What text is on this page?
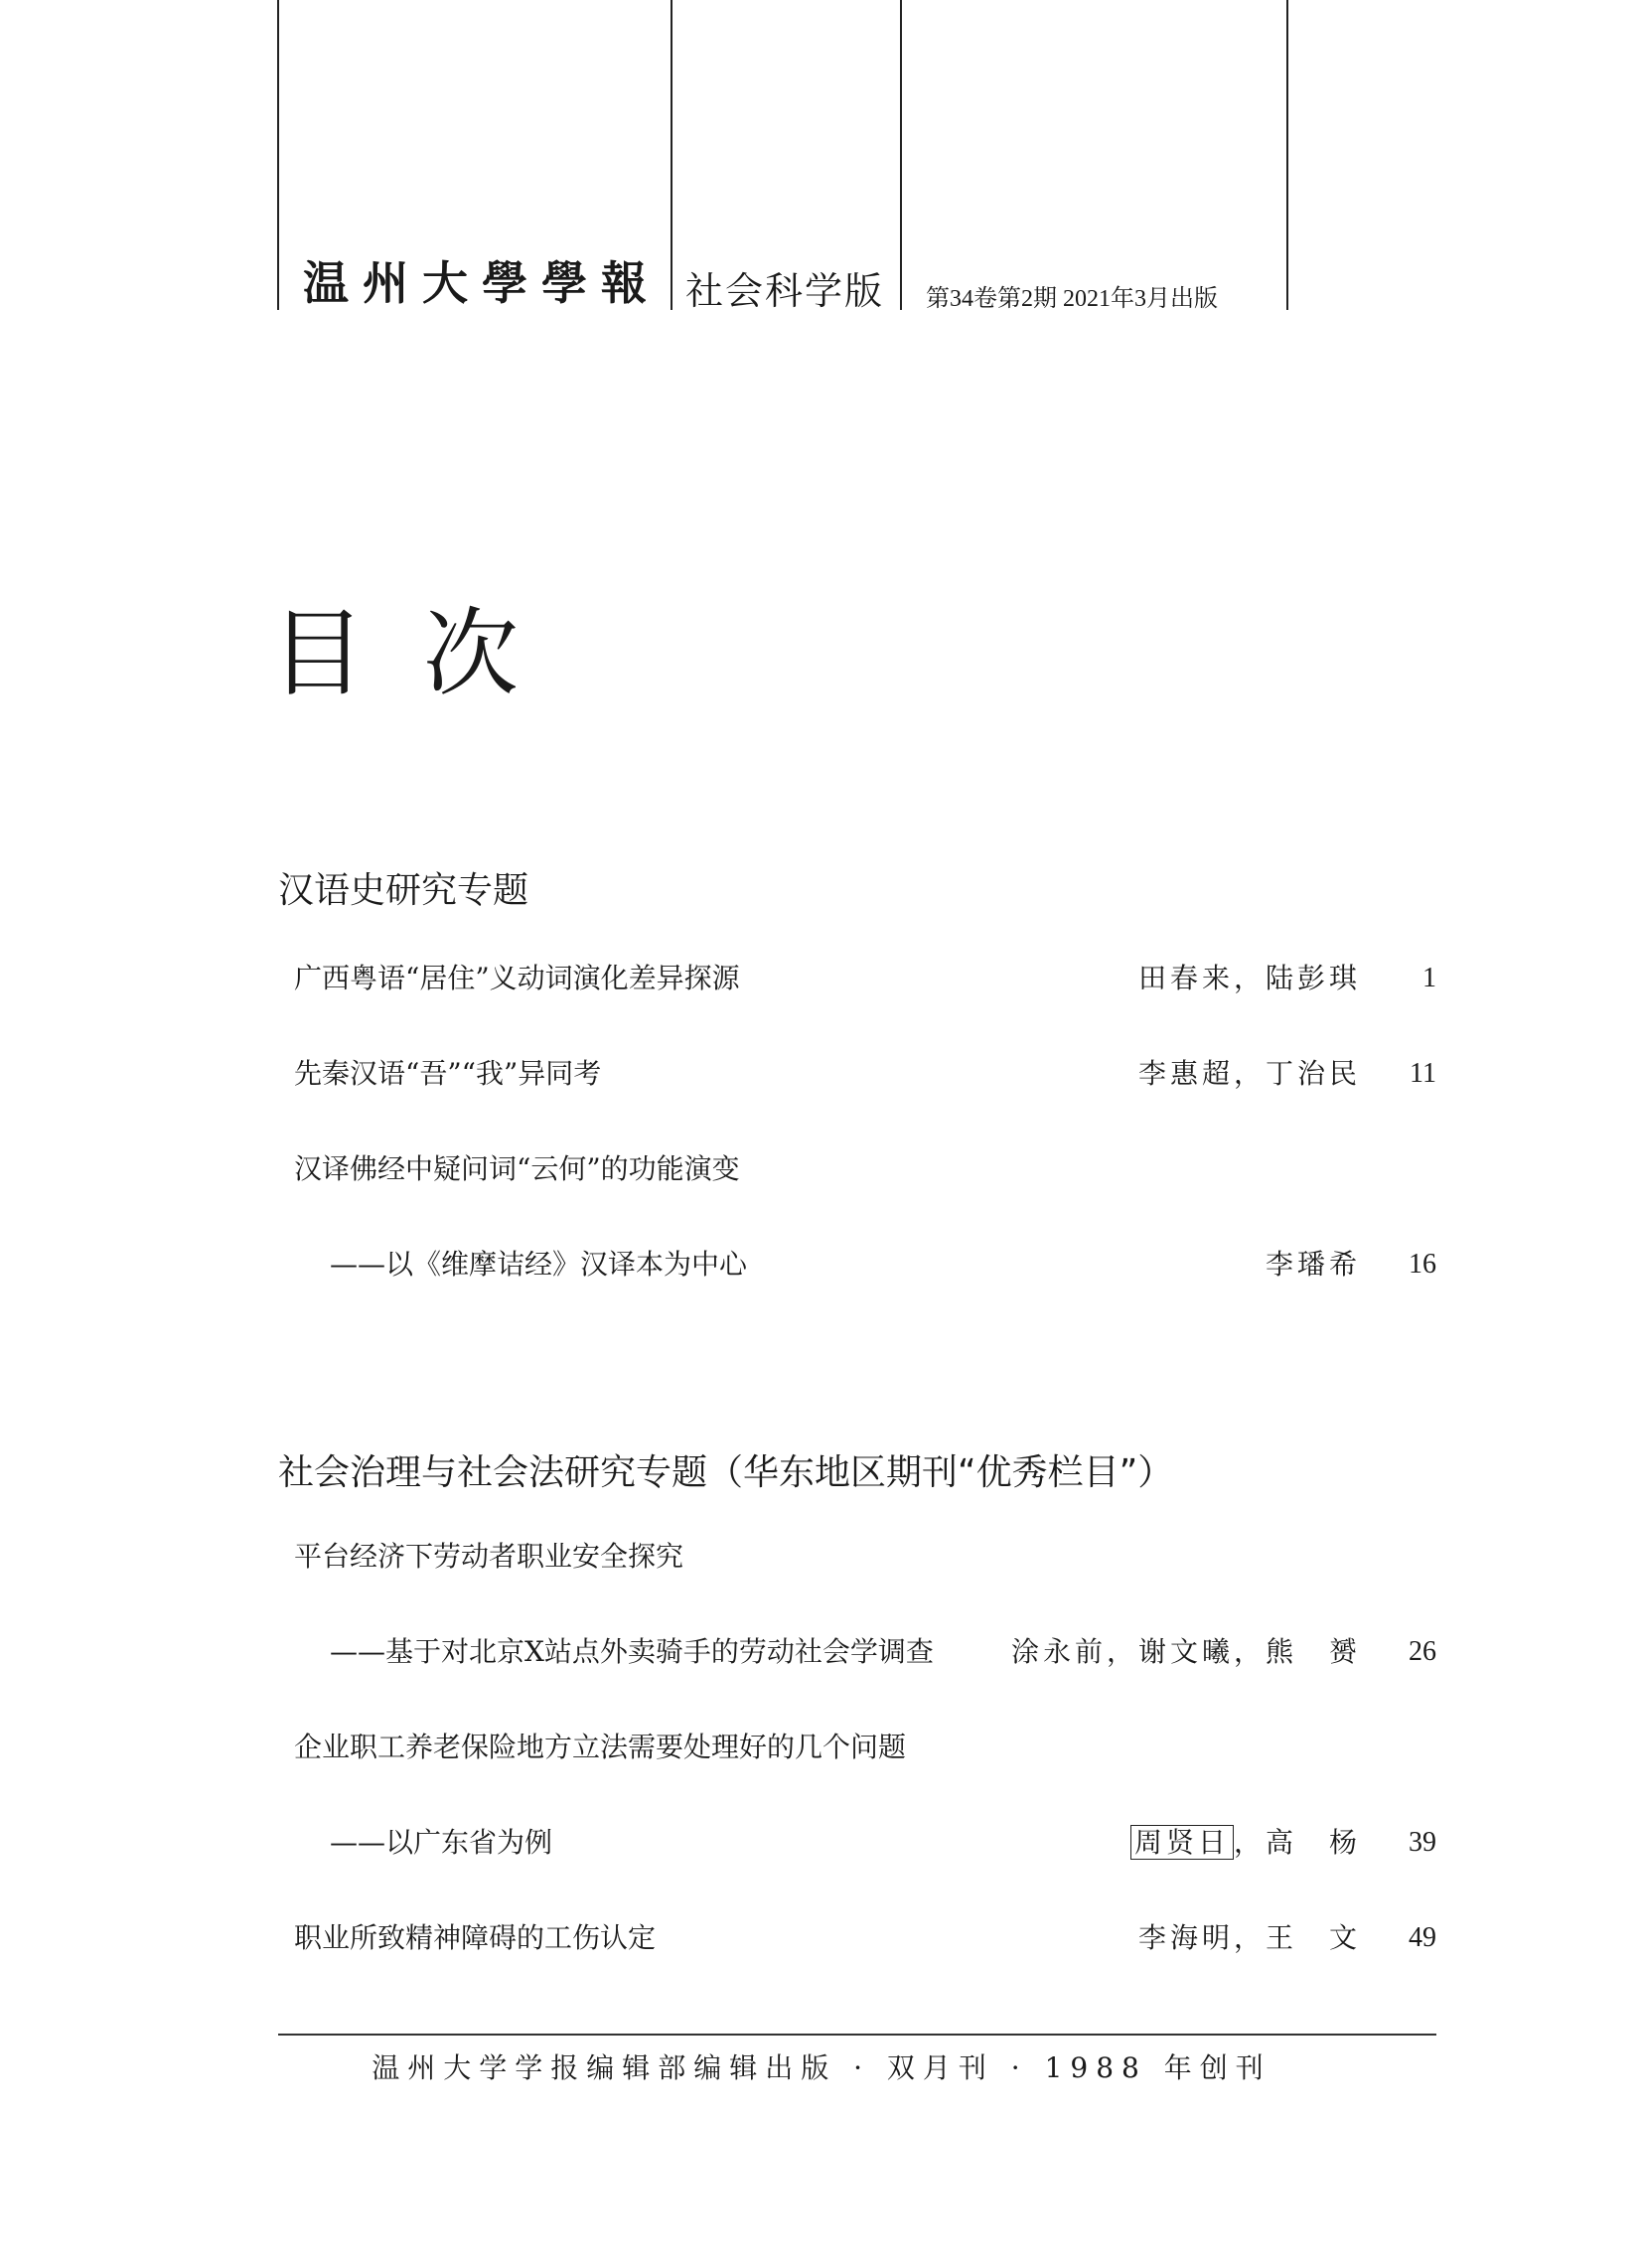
温州大學學報 社会科学版 第34卷第2期 2021年3月出版
目次
汉语史研究专题
广西粤语“居住”义动词演化差异探源	田春来，陆彭琪	1
先秦汉语“吾”“我”异同考	李惠超，丁治民	11
汉译佛经中疑问词“云何”的功能演变
——以《维摩诘经》汉译本为中心	李璠希	16
社会治理与社会法研究专题（华东地区期刊“优秀栏目”）
平台经济下劳动者职业安全探究
——基于对北京X站点外卖骑手的劳动社会学调查	涂永前，谢文曦，熊　赟	26
企业职工养老保险地方立法需要处理好的几个问题
——以广东省为例	周贤日 ，高　杨	39
职业所致精神障碍的工伤认定	李海明，王　文	49
温州大学学报编辑部编辑出版 · 双月刊 · 1988 年创刊
